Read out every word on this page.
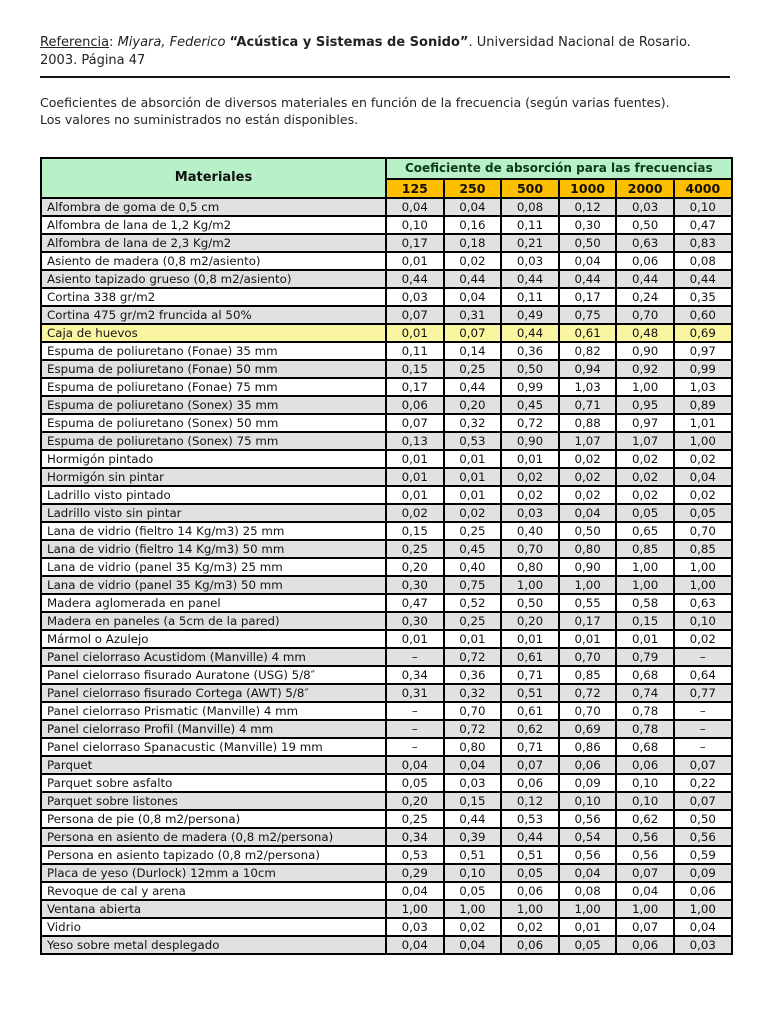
Referencia: Miyara, Federico “Acústica y Sistemas de Sonido”. Universidad Nacional de Rosario.
2003. Página 47
Coeficientes de absorción de diversos materiales en función de la frecuencia (según varias fuentes).
Los valores no suministrados no están disponibles.
Materiales	Coeficiente de absorción para las frecuencias					
	125	250	500	1000	2000	4000
Alfombra de goma de 0,5 cm	0,04	0,04	0,08	0,12	0,03	0,10
Alfombra de lana de 1,2 Kg/m2	0,10	0,16	0,11	0,30	0,50	0,47
Alfombra de lana de 2,3 Kg/m2	0,17	0,18	0,21	0,50	0,63	0,83
Asiento de madera (0,8 m2/asiento)	0,01	0,02	0,03	0,04	0,06	0,08
Asiento tapizado grueso (0,8 m2/asiento)	0,44	0,44	0,44	0,44	0,44	0,44
Cortina 338 gr/m2	0,03	0,04	0,11	0,17	0,24	0,35
Cortina 475 gr/m2 fruncida al 50%	0,07	0,31	0,49	0,75	0,70	0,60
Caja de huevos	0,01	0,07	0,44	0,61	0,48	0,69
Espuma de poliuretano (Fonae) 35 mm	0,11	0,14	0,36	0,82	0,90	0,97
Espuma de poliuretano (Fonae) 50 mm	0,15	0,25	0,50	0,94	0,92	0,99
Espuma de poliuretano (Fonae) 75 mm	0,17	0,44	0,99	1,03	1,00	1,03
Espuma de poliuretano (Sonex) 35 mm	0,06	0,20	0,45	0,71	0,95	0,89
Espuma de poliuretano (Sonex) 50 mm	0,07	0,32	0,72	0,88	0,97	1,01
Espuma de poliuretano (Sonex) 75 mm	0,13	0,53	0,90	1,07	1,07	1,00
Hormigón pintado	0,01	0,01	0,01	0,02	0,02	0,02
Hormigón sin pintar	0,01	0,01	0,02	0,02	0,02	0,04
Ladrillo visto pintado	0,01	0,01	0,02	0,02	0,02	0,02
Ladrillo visto sin pintar	0,02	0,02	0,03	0,04	0,05	0,05
Lana de vidrio (fieltro 14 Kg/m3) 25 mm	0,15	0,25	0,40	0,50	0,65	0,70
Lana de vidrio (fieltro 14 Kg/m3) 50 mm	0,25	0,45	0,70	0,80	0,85	0,85
Lana de vidrio (panel 35 Kg/m3) 25 mm	0,20	0,40	0,80	0,90	1,00	1,00
Lana de vidrio (panel 35 Kg/m3) 50 mm	0,30	0,75	1,00	1,00	1,00	1,00
Madera aglomerada en panel	0,47	0,52	0,50	0,55	0,58	0,63
Madera en paneles (a 5cm de la pared)	0,30	0,25	0,20	0,17	0,15	0,10
Mármol o Azulejo	0,01	0,01	0,01	0,01	0,01	0,02
Panel cielorraso Acustidom (Manville) 4 mm	–	0,72	0,61	0,70	0,79	–
Panel cielorraso fisurado Auratone (USG) 5/8″	0,34	0,36	0,71	0,85	0,68	0,64
Panel cielorraso fisurado Cortega (AWT) 5/8″	0,31	0,32	0,51	0,72	0,74	0,77
Panel cielorraso Prismatic (Manville) 4 mm	–	0,70	0,61	0,70	0,78	–
Panel cielorraso Profil (Manville) 4 mm	–	0,72	0,62	0,69	0,78	–
Panel cielorraso Spanacustic (Manville) 19 mm	–	0,80	0,71	0,86	0,68	–
Parquet	0,04	0,04	0,07	0,06	0,06	0,07
Parquet sobre asfalto	0,05	0,03	0,06	0,09	0,10	0,22
Parquet sobre listones	0,20	0,15	0,12	0,10	0,10	0,07
Persona de pie (0,8 m2/persona)	0,25	0,44	0,53	0,56	0,62	0,50
Persona en asiento de madera (0,8 m2/persona)	0,34	0,39	0,44	0,54	0,56	0,56
Persona en asiento tapizado (0,8 m2/persona)	0,53	0,51	0,51	0,56	0,56	0,59
Placa de yeso (Durlock) 12mm a 10cm	0,29	0,10	0,05	0,04	0,07	0,09
Revoque de cal y arena	0,04	0,05	0,06	0,08	0,04	0,06
Ventana abierta	1,00	1,00	1,00	1,00	1,00	1,00
Vidrio	0,03	0,02	0,02	0,01	0,07	0,04
Yeso sobre metal desplegado	0,04	0,04	0,06	0,05	0,06	0,03
